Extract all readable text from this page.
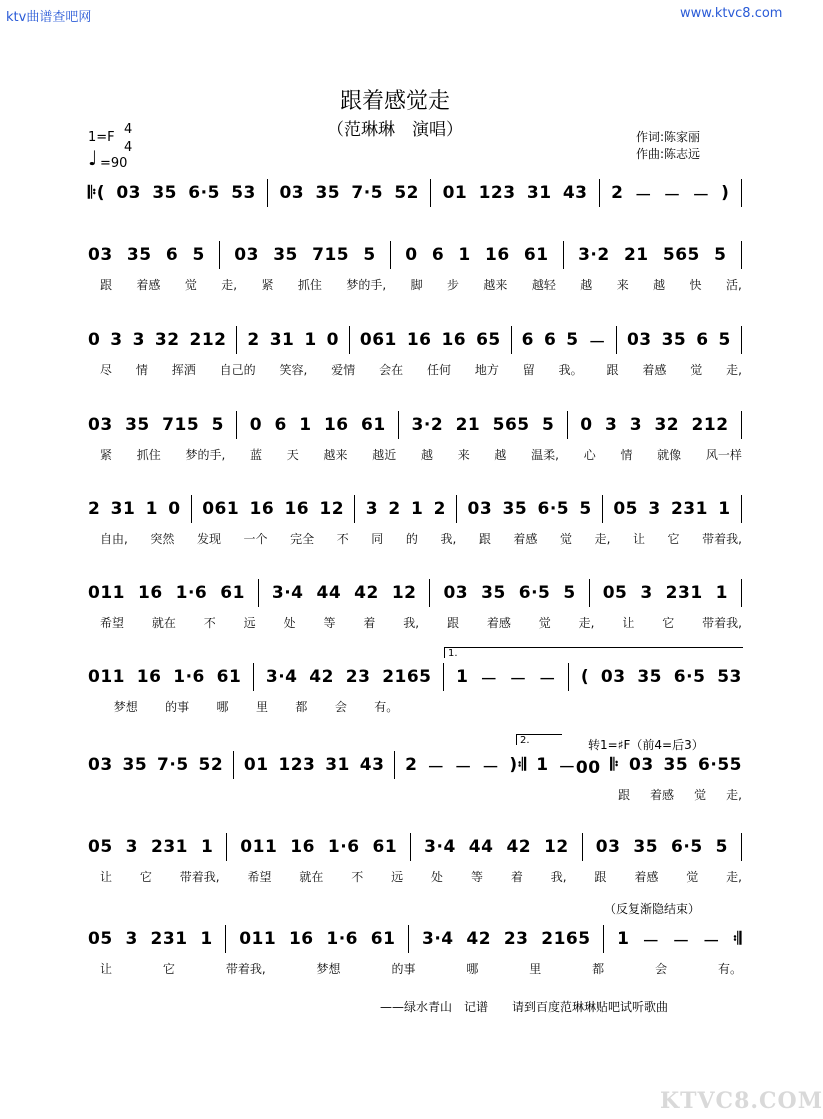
ktv曲谱查吧网	www.ktvc8.com
跟着感觉走
（范琳琳　演唱）
1=F
4
4
♩ =90
作词:陈家丽
作曲:陈志远
𝄆( 03 35 6·5 53 03 35 7·5 52 01 123 31 43 2 － － － )
03 35 6 5 03 35 715 5 0 6 1 16 61 3·2 21 565 5
跟 着感 觉 走, 紧 抓住 梦的手, 脚 步 越来 越轻 越 来 越 快 活,
0 3 3 32 212 2 31 1 0 061 16 16 65 6 6 5 － 03 35 6 5
尽 情 挥洒 自己的 笑容, 爱情 会在 任何 地方 留 我。 跟 着感 觉 走,
03 35 715 5 0 6 1 16 61 3·2 21 565 5 0 3 3 32 212
紧 抓住 梦的手, 蓝 天 越来 越近 越 来 越 温柔, 心 情 就像 风一样
2 31 1 0 061 16 16 12 3 2 1 2 03 35 6·5 5 05 3 231 1
自由, 突然 发现 一个 完全 不 同 的 我, 跟 着感 觉 走, 让 它 带着我,
011 16 1·6 61 3·4 44 42 12 03 35 6·5 5 05 3 231 1
希望 就在 不 远 处 等 着 我, 跟 着感 觉 走, 让 它 带着我,
011 16 1·6 61 3·4 42 23 2165 1 － － － ( 03 35 6·5 53
梦想 的事 哪 里 都 会 有。
03 35 7·5 52 01 123 31 43 2 － － － )𝄇 1 －00 𝄆 03 35 6·55
跟 着感 觉 走,
05 3 231 1 011 16 1·6 61 3·4 44 42 12 03 35 6·5 5
让 它 带着我, 希望 就在 不 远 处 等 着 我, 跟 着感 觉 走,
05 3 231 1 011 16 1·6 61 3·4 42 23 2165 1 － － － 𝄇
让	它	带着我,	梦想	的事	哪	里	都	会	有。
1.
2.	转1=♯F（前4=后3）
（反复渐隐结束）
——绿水青山　记谱　　请到百度范琳琳贴吧试听歌曲
KTVC8.COM
